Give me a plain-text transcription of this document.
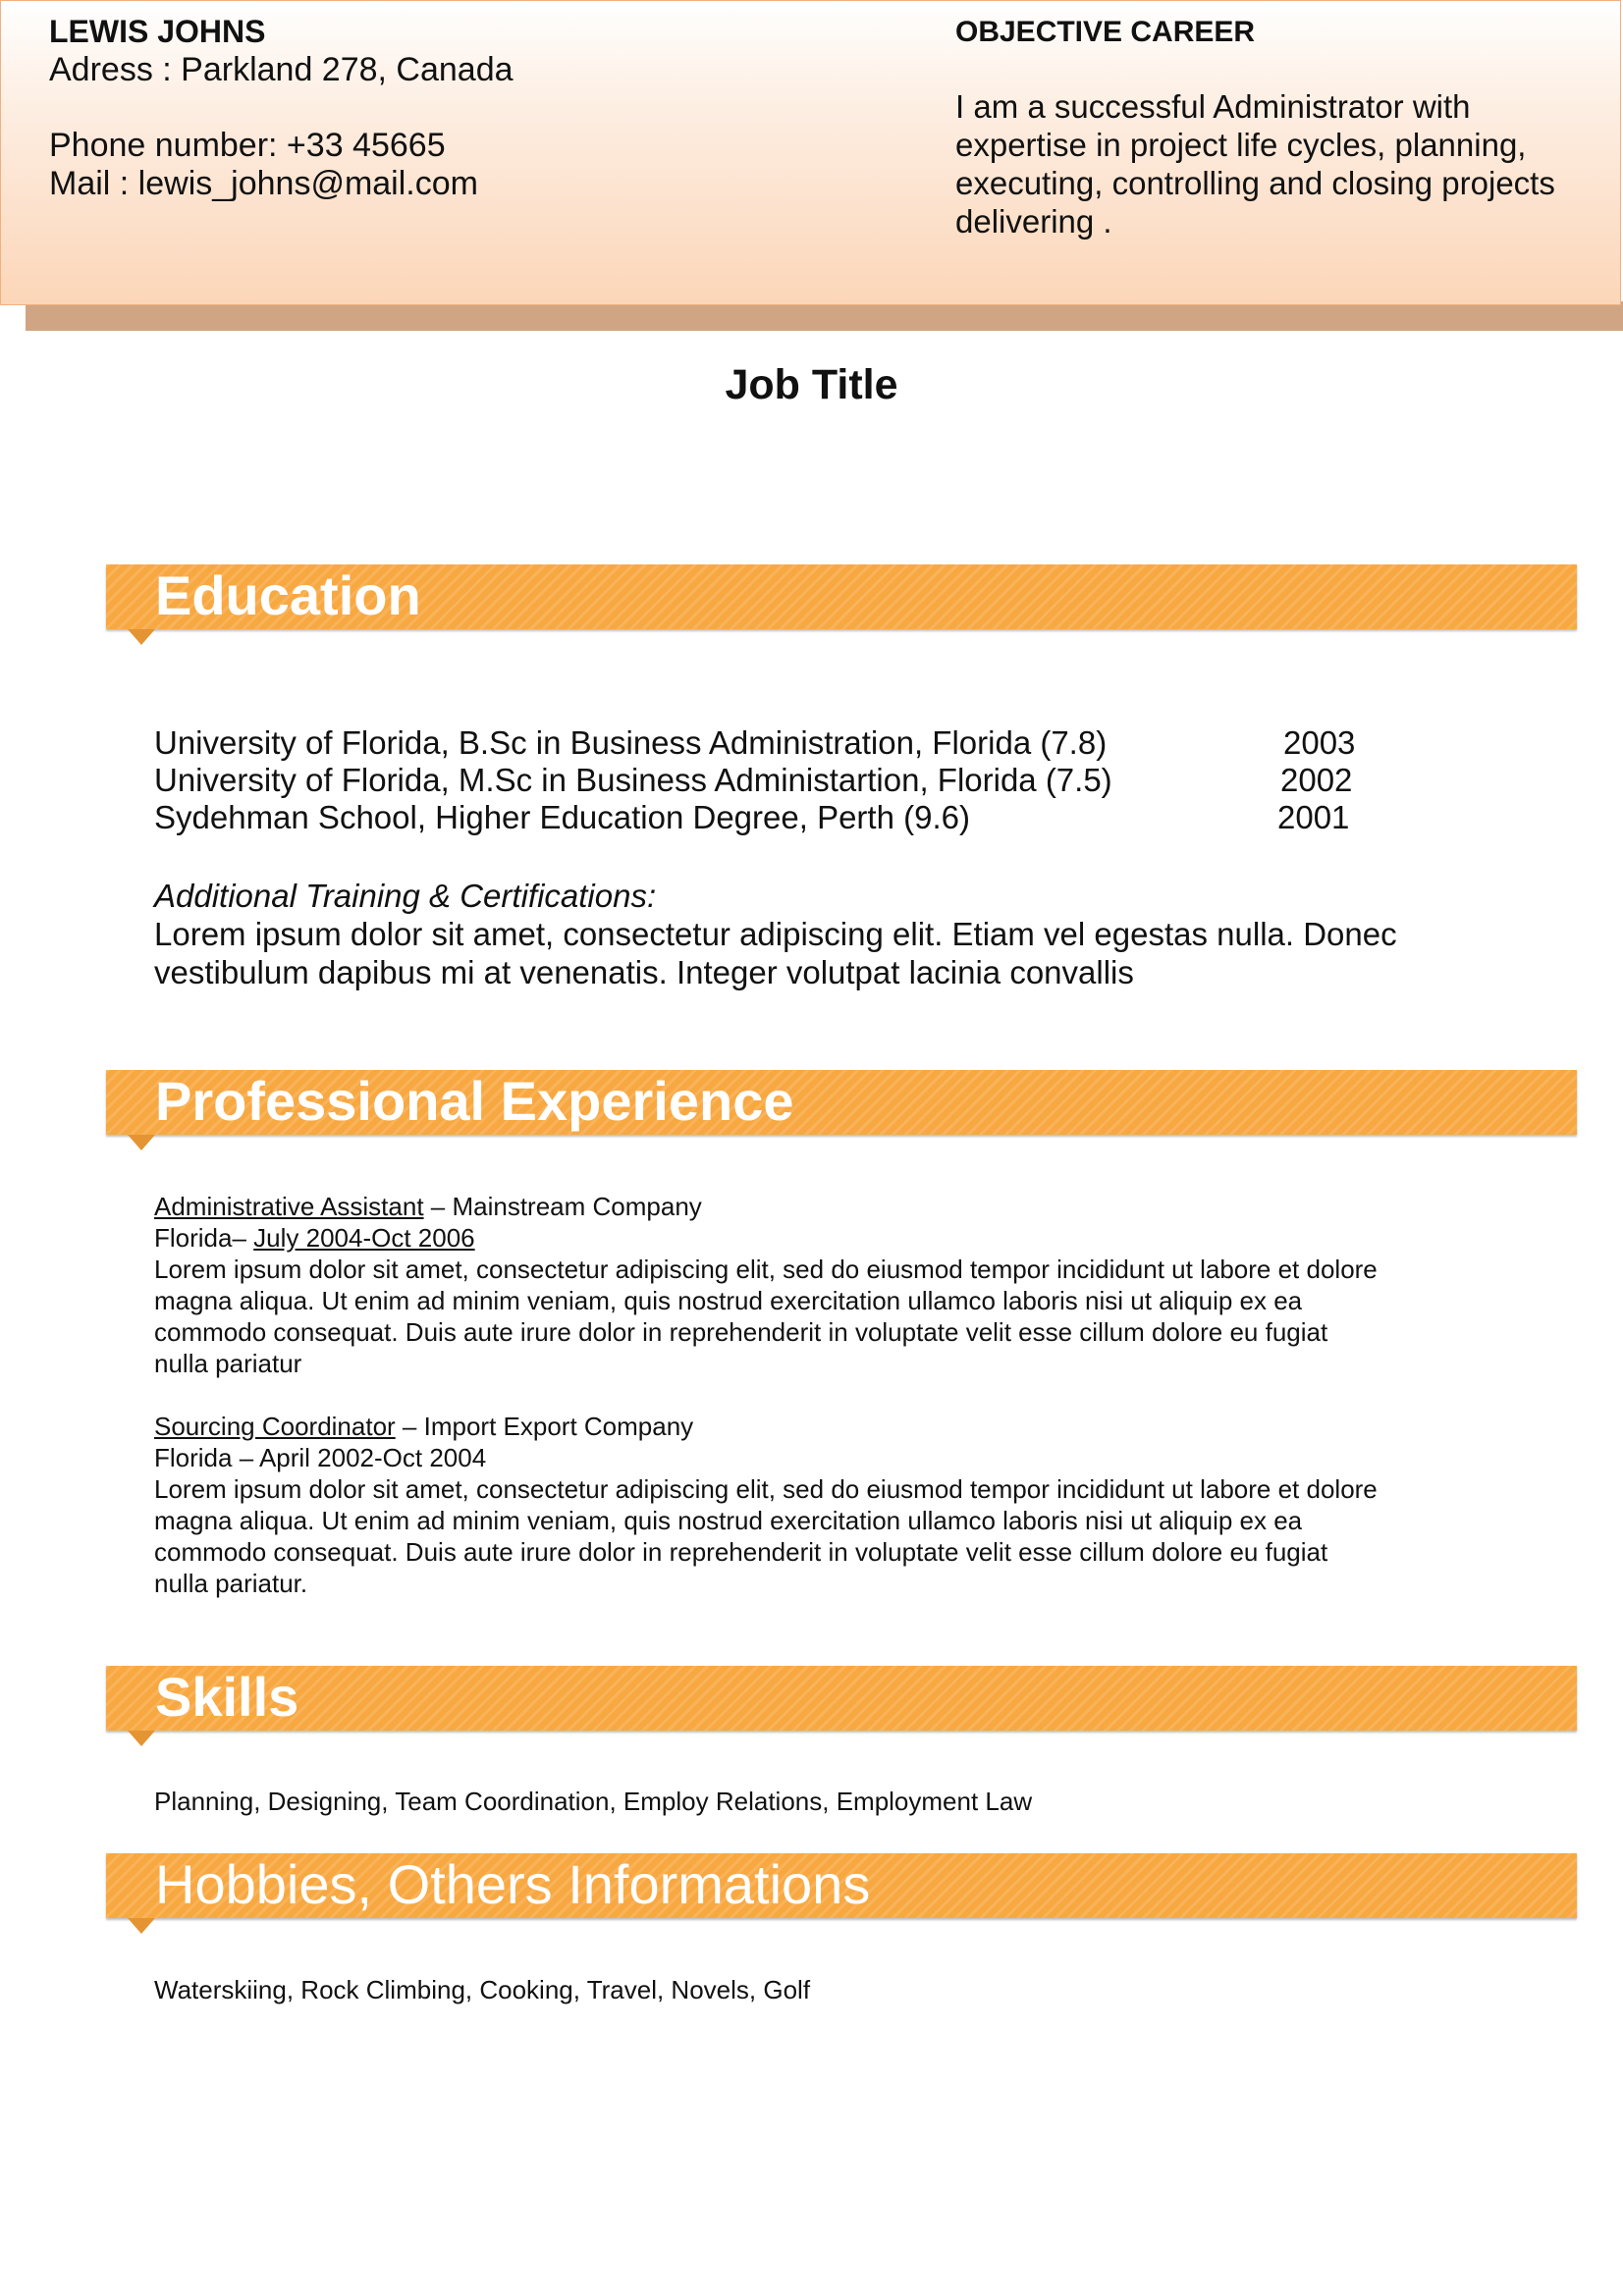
LEWIS JOHNS
Adress : Parkland 278, Canada
Phone number: +33 45665
Mail : lewis_johns@mail.com
OBJECTIVE CAREER
I am a successful Administrator with
expertise in project life cycles, planning,
executing, controlling and closing projects
delivering .
Job Title
Education
University of Florida, B.Sc in Business Administration, Florida (7.8)	2003
University of Florida, M.Sc in Business Administartion, Florida (7.5)	2002
Sydehman School, Higher Education Degree, Perth (9.6)	2001
Additional Training & Certifications:
Lorem ipsum dolor sit amet, consectetur adipiscing elit. Etiam vel egestas nulla. Donec
vestibulum dapibus mi at venenatis. Integer volutpat lacinia convallis
Professional Experience

Administrative Assistant – Mainstream Company

Florida– July 2004-Oct 2006

Lorem ipsum dolor sit amet, consectetur adipiscing elit, sed do eiusmod tempor incididunt ut labore et dolore

magna aliqua. Ut enim ad minim veniam, quis nostrud exercitation ullamco laboris nisi ut aliquip ex ea

commodo consequat. Duis aute irure dolor in reprehenderit in voluptate velit esse cillum dolore eu fugiat

nulla pariatur

Sourcing Coordinator – Import Export Company

Florida – April 2002-Oct 2004

Lorem ipsum dolor sit amet, consectetur adipiscing elit, sed do eiusmod tempor incididunt ut labore et dolore

magna aliqua. Ut enim ad minim veniam, quis nostrud exercitation ullamco laboris nisi ut aliquip ex ea

commodo consequat. Duis aute irure dolor in reprehenderit in voluptate velit esse cillum dolore eu fugiat

nulla pariatur.

Skills
Planning, Designing, Team Coordination, Employ Relations, Employment Law
Hobbies, Others Informations
Waterskiing, Rock Climbing, Cooking, Travel, Novels, Golf
